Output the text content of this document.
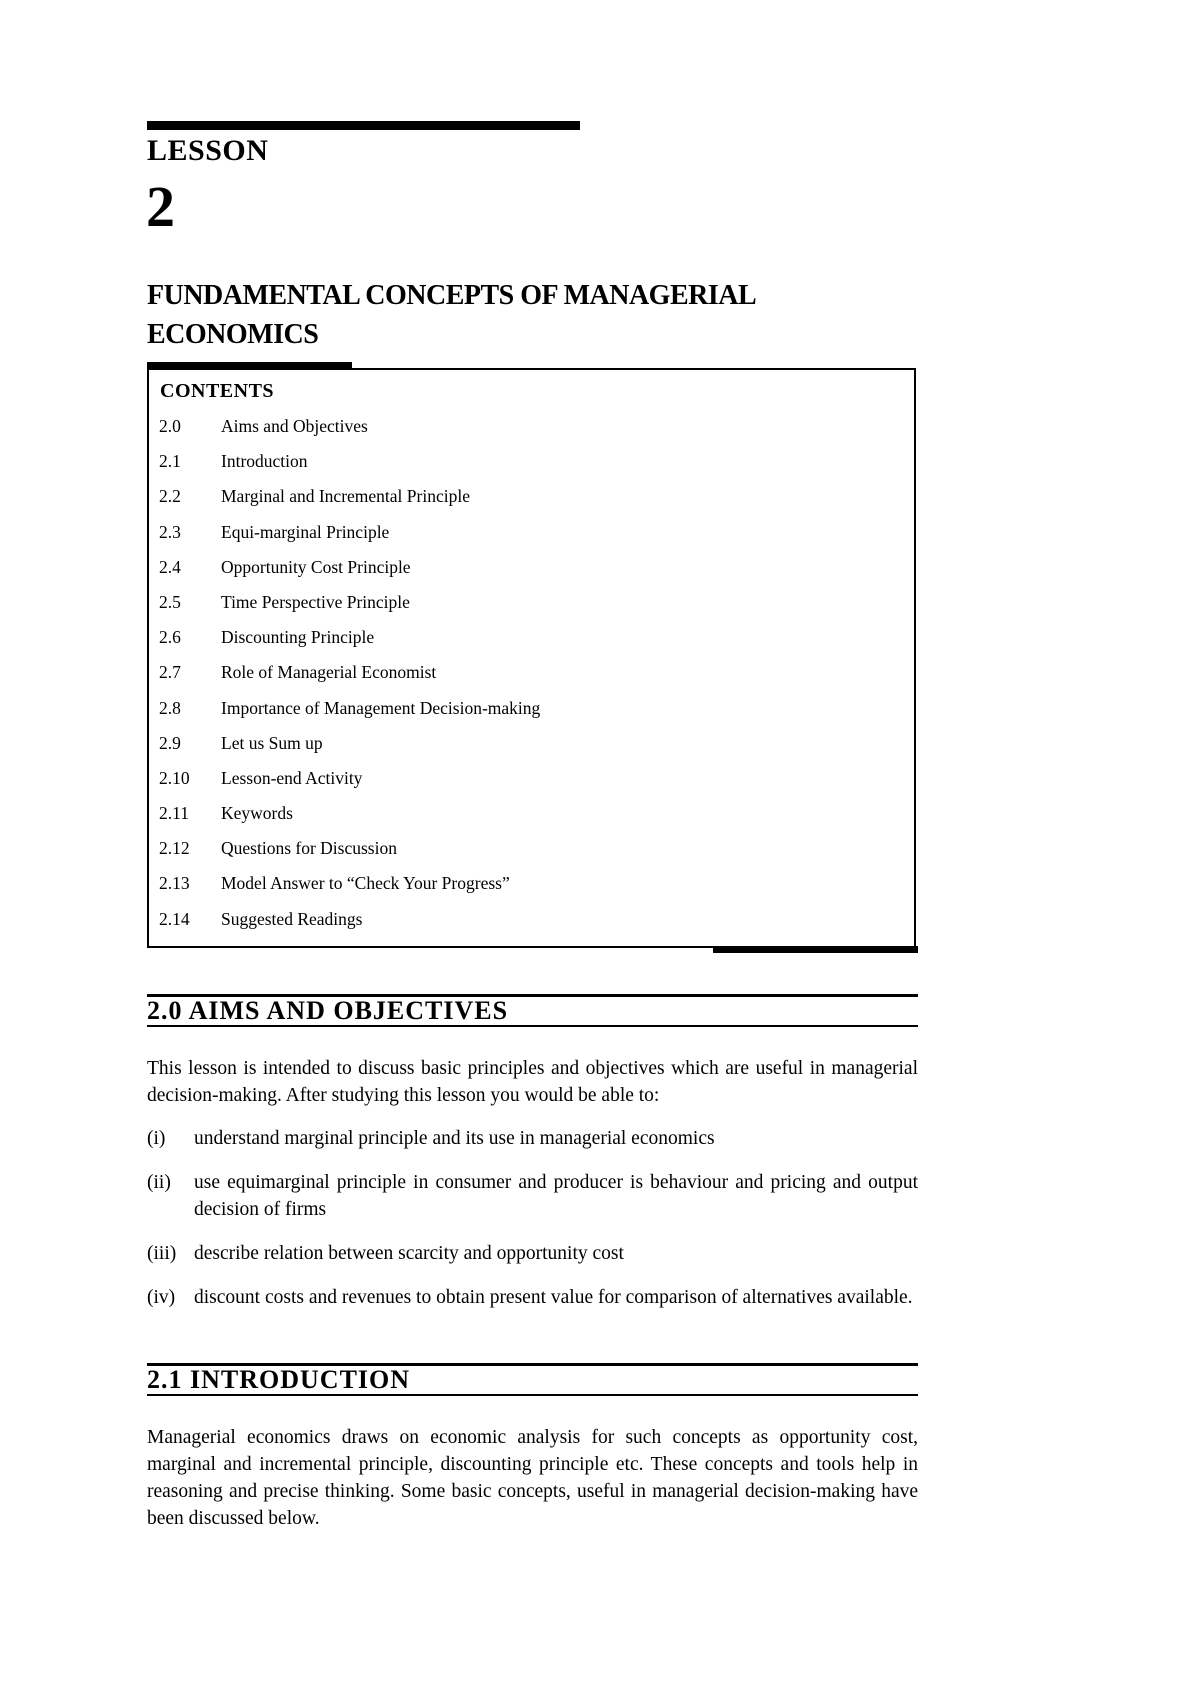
LESSON
2
FUNDAMENTAL CONCEPTS OF MANAGERIAL ECONOMICS
CONTENTS
2.0	Aims and Objectives
2.1	Introduction
2.2	Marginal and Incremental Principle
2.3	Equi-marginal Principle
2.4	Opportunity Cost Principle
2.5	Time Perspective Principle
2.6	Discounting Principle
2.7	Role of Managerial Economist
2.8	Importance of Management Decision-making
2.9	Let us Sum up
2.10	Lesson-end Activity
2.11	Keywords
2.12	Questions for Discussion
2.13	Model Answer to “Check Your Progress”
2.14	Suggested Readings
2.0 AIMS AND OBJECTIVES

This lesson is intended to discuss basic principles and objectives which are useful in managerial decision-making. After studying this lesson you would be able to:

(i)	understand marginal principle and its use in managerial economics
(ii)	use equimarginal principle in consumer and producer is behaviour and pricing and output decision of firms
(iii) describe relation between scarcity and opportunity cost
(iv) discount costs and revenues to obtain present value for comparison of alternatives available.
2.1 INTRODUCTION

Managerial economics draws on economic analysis for such concepts as opportunity cost, marginal and incremental principle, discounting principle etc. These concepts and tools help in reasoning and precise thinking. Some basic concepts, useful in managerial decision-making have been discussed below.
